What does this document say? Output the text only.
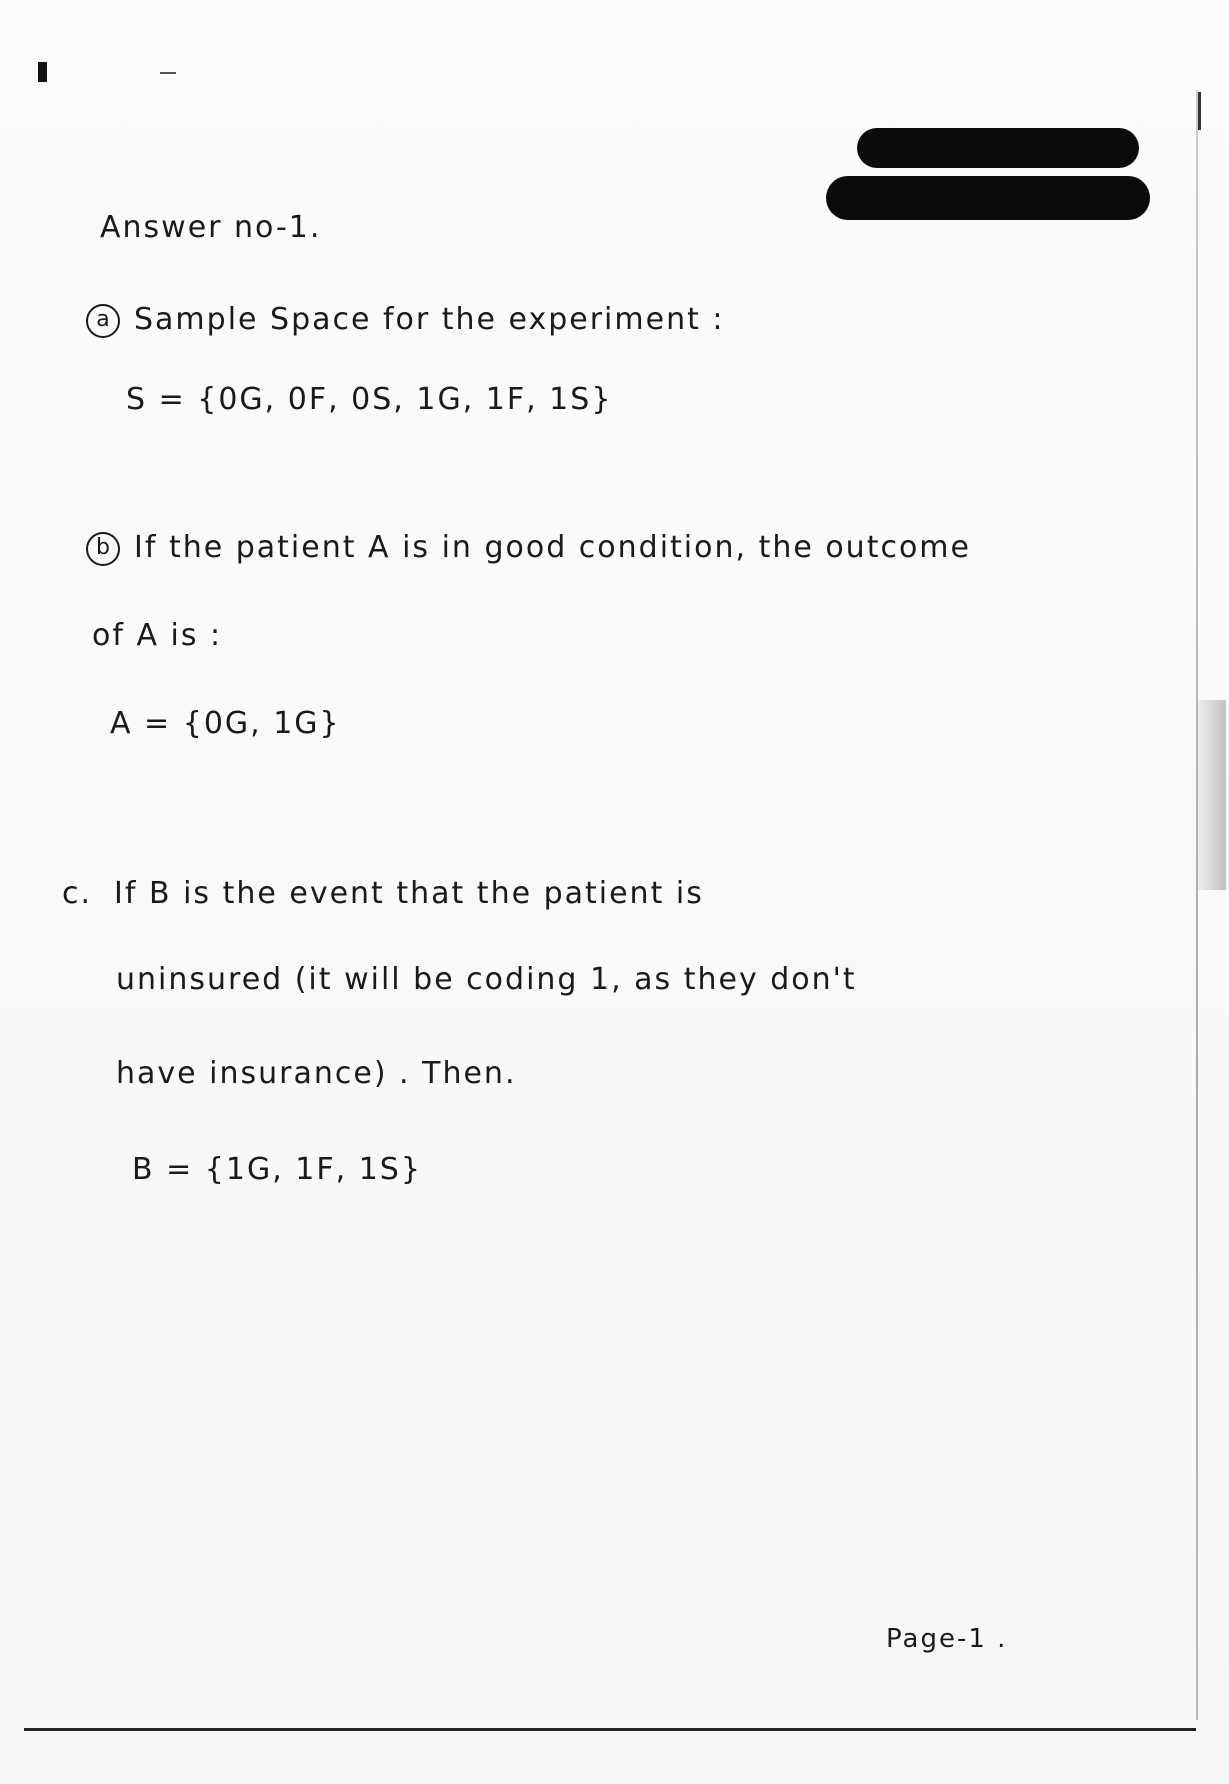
Answer no-1.
a Sample Space for the experiment :
S = {0G, 0F, 0S, 1G, 1F, 1S}
b If the patient A is in good condition, the outcome
of A is :
A = {0G, 1G}
c. If B is the event that the patient is
uninsured (it will be coding 1, as they don't
have insurance) . Then.
B = {1G, 1F, 1S}
Page-1 .
